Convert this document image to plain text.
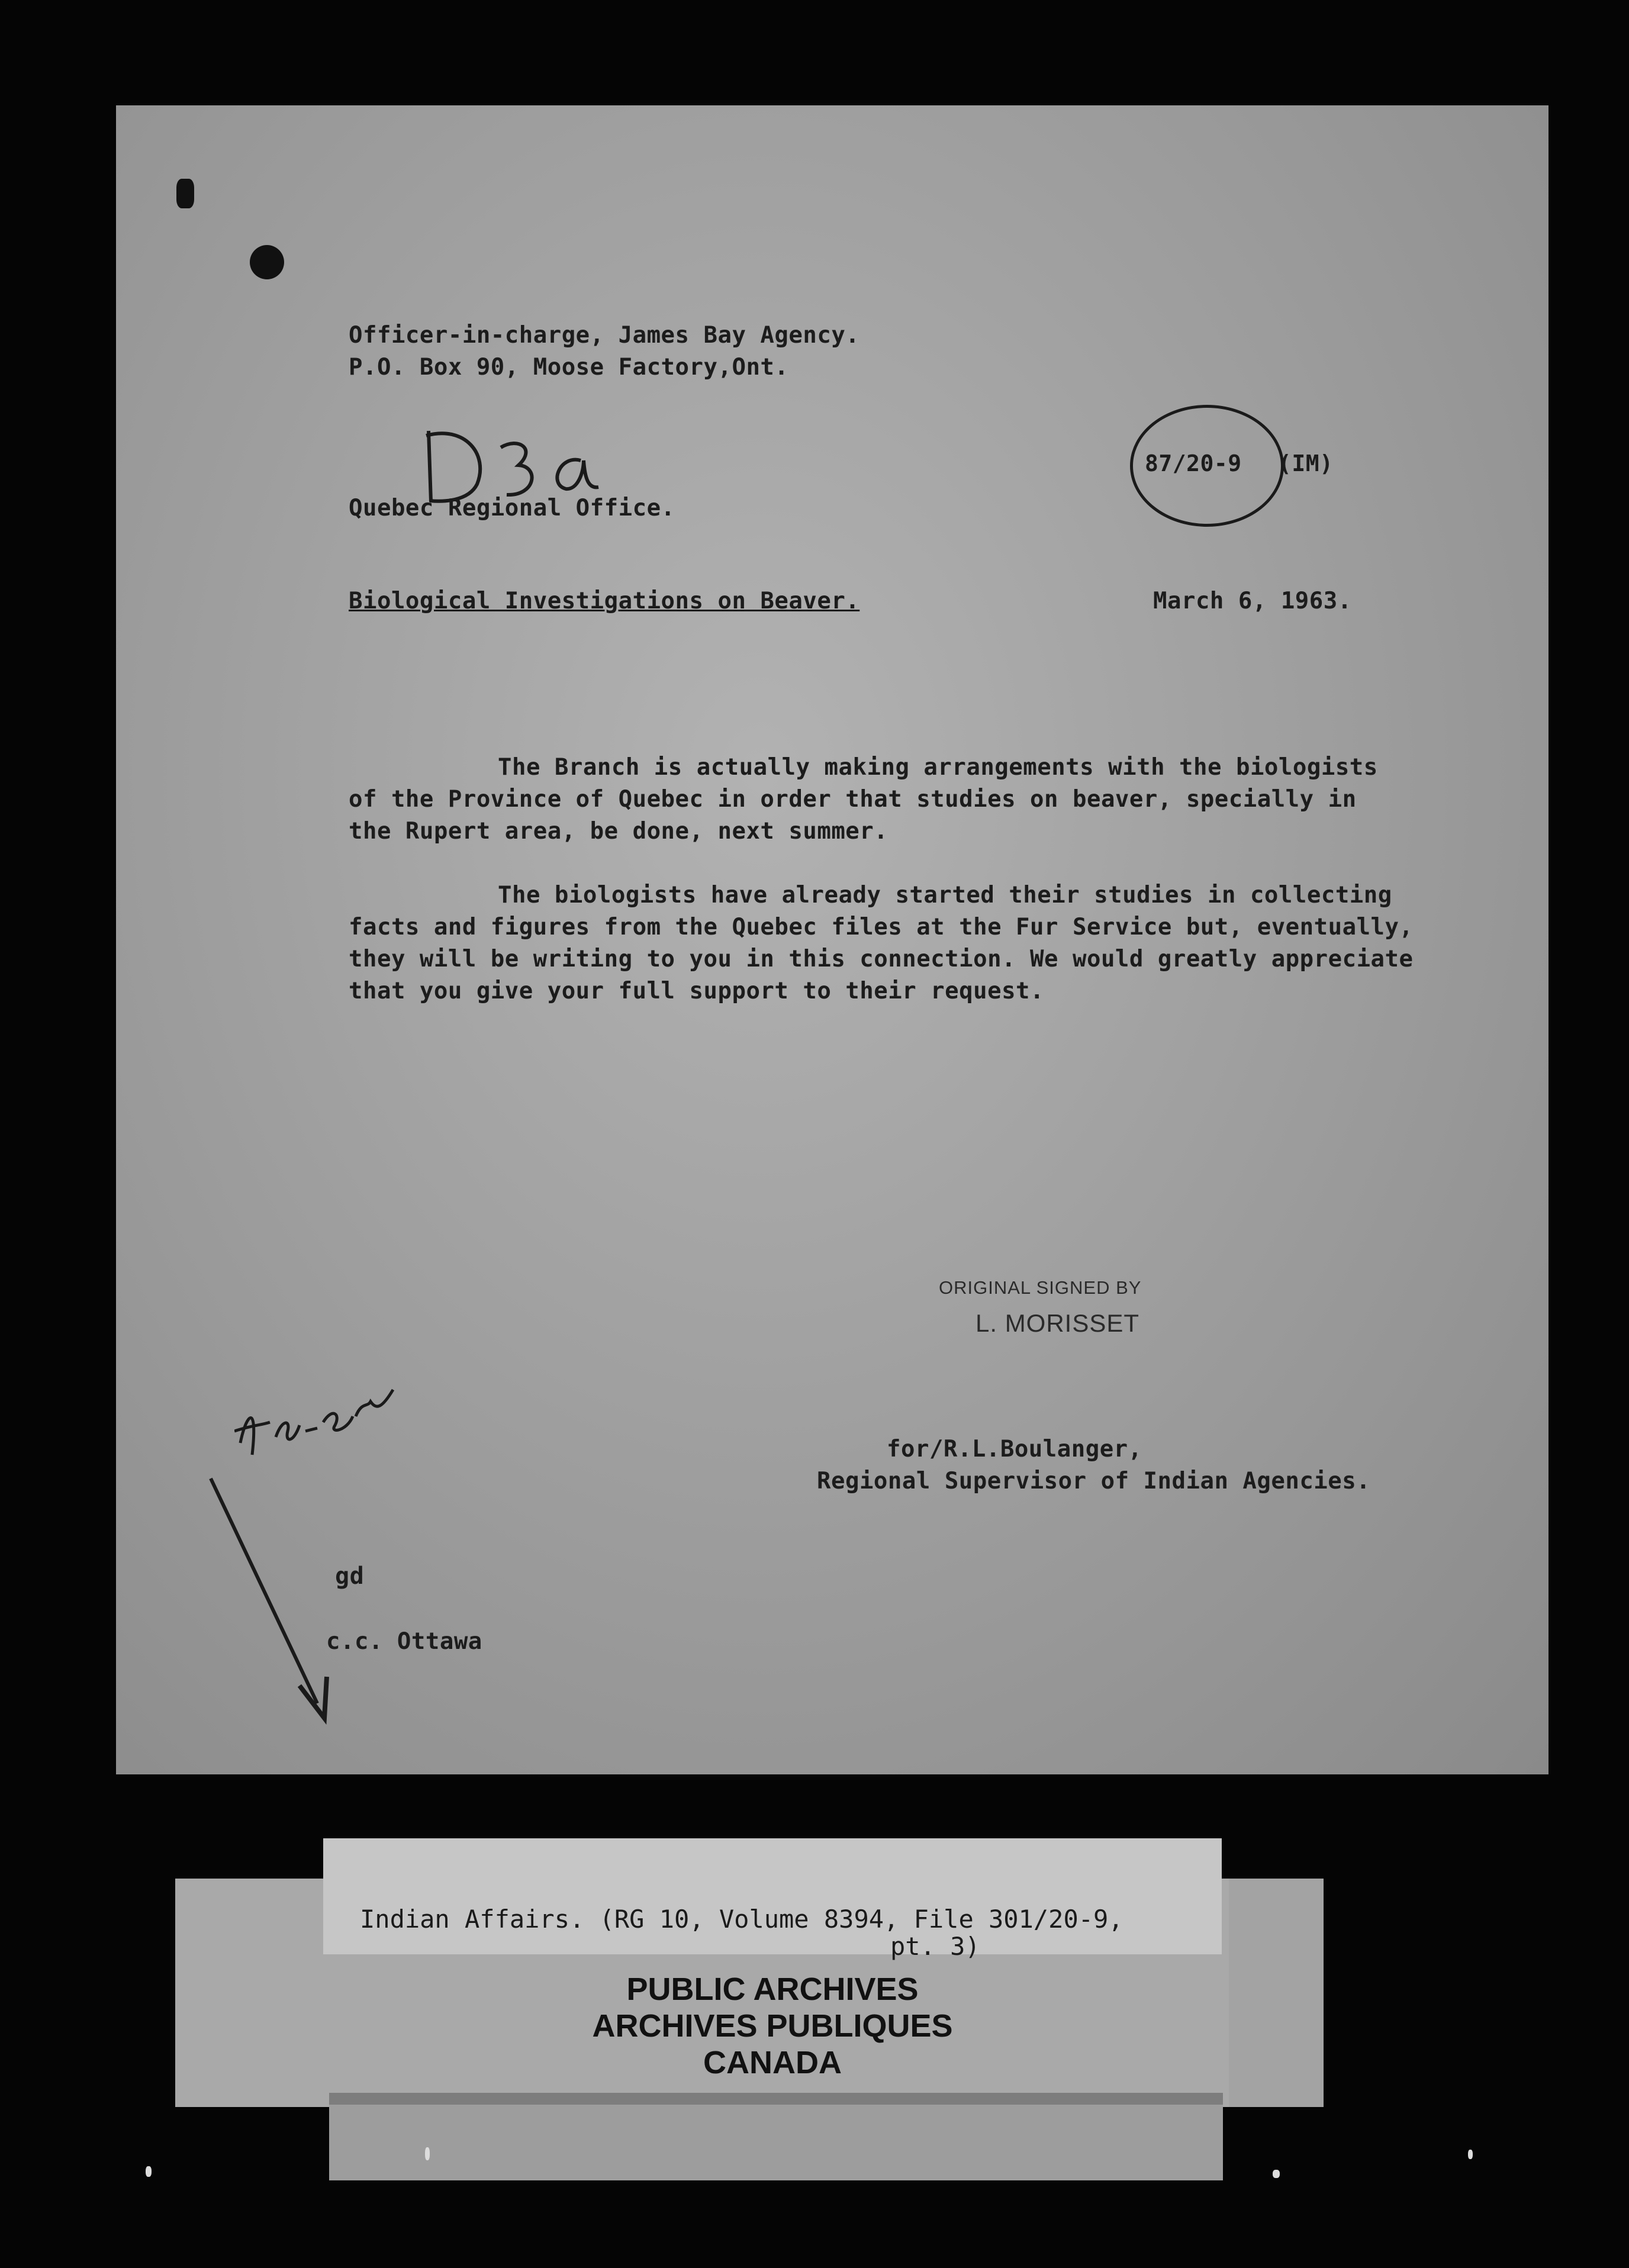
Officer-in-charge, James Bay Agency.
P.O. Box 90, Moose Factory,Ont.
87/20-9 (IM)
Quebec Regional Office.
Biological Investigations on Beaver.	March 6, 1963.
The Branch is actually making arrangements with the biologists
of the Province of Quebec in order that studies on beaver, specially in
the Rupert area, be done, next summer.
The biologists have already started their studies in collecting
facts and figures from the Quebec files at the Fur Service but, eventually,
they will be writing to you in this connection. We would greatly appreciate
that you give your full support to their request.
ORIGINAL SIGNED BY
L. MORISSET
for/R.L.Boulanger,
Regional Supervisor of Indian Agencies.
gd
c.c. Ottawa
Indian Affairs. (RG 10, Volume 8394, File 301/20-9,
pt. 3)
PUBLIC ARCHIVES
ARCHIVES PUBLIQUES
CANADA
